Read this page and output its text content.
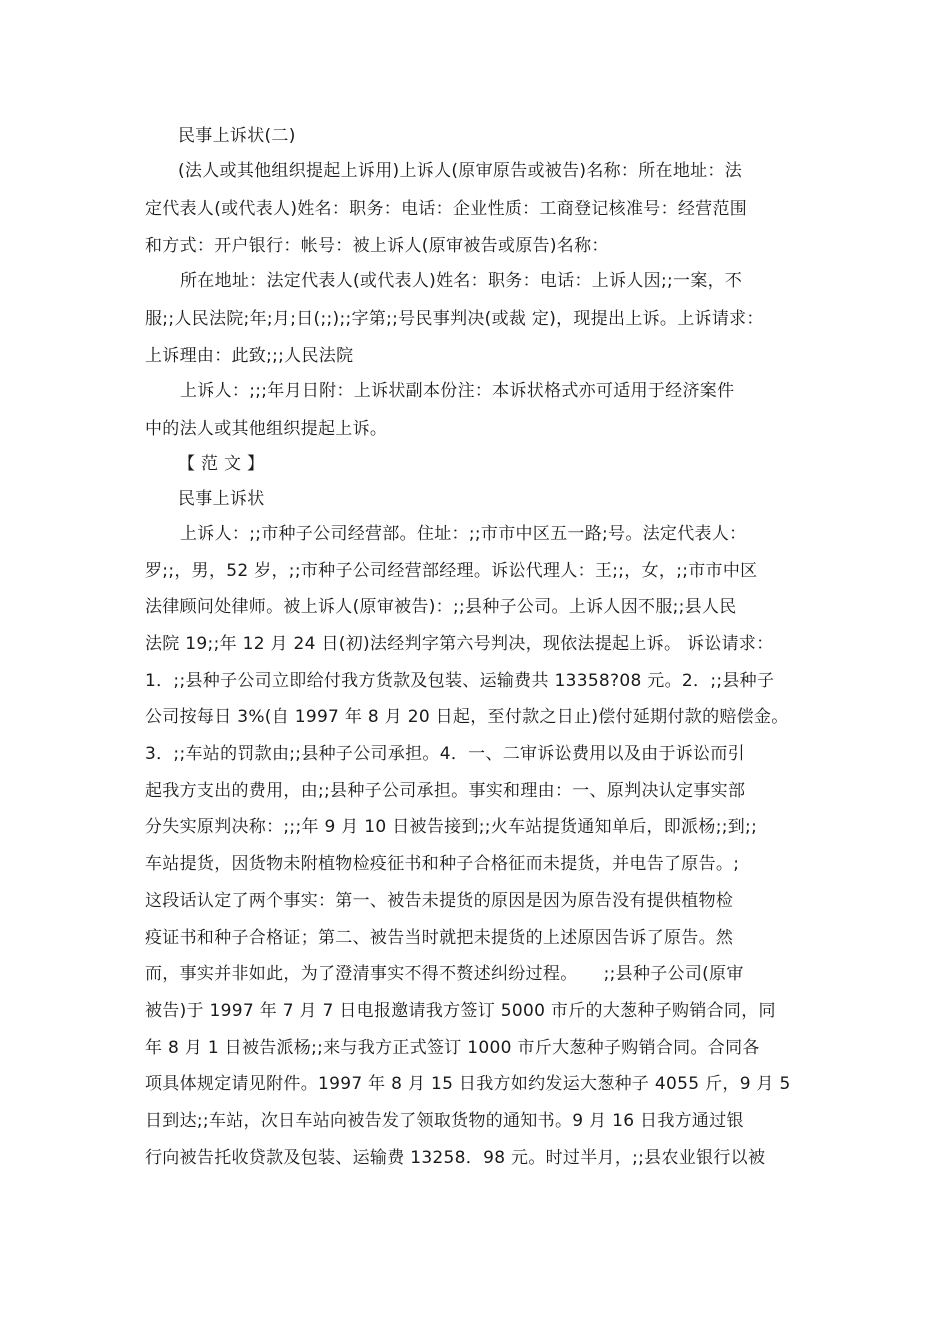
民事上诉状(二)
(法人或其他组织提起上诉用)上诉人(原审原告或被告)名称：所在地址：法
定代表人(或代表人)姓名：职务：电话：企业性质：工商登记核准号：经营范围
和方式：开户银行：帐号：被上诉人(原审被告或原告)名称：
所在地址：法定代表人(或代表人)姓名：职务：电话：上诉人因;;一案，不
服;;人民法院;年;月;日(;;);;字第;;号民事判决(或裁 定)，现提出上诉。上诉请求：
上诉理由：此致;;;人民法院
上诉人：;;;年月日附：上诉状副本份注：本诉状格式亦可适用于经济案件
中的法人或其他组织提起上诉。
【 范 文 】
民事上诉状
上诉人：;;市种子公司经营部。住址：;;市市中区五一路;号。法定代表人：
罗;;，男，52 岁，;;市种子公司经营部经理。诉讼代理人：王;;，女，;;市市中区
法律顾问处律师。被上诉人(原审被告)：;;县种子公司。上诉人因不服;;县人民
法院 19;;年 12 月 24 日(初)法经判字第六号判决，现依法提起上诉。 诉讼请求：
1．;;县种子公司立即给付我方货款及包装、运输费共 13358?08 元。2．;;县种子
公司按每日 3%(自 1997 年 8 月 20 日起，至付款之日止)偿付延期付款的赔偿金。
3．;;车站的罚款由;;县种子公司承担。4．一、二审诉讼费用以及由于诉讼而引
起我方支出的费用，由;;县种子公司承担。事实和理由：一、原判决认定事实部
分失实原判决称：;;;年 9 月 10 日被告接到;;火车站提货通知单后，即派杨;;到;;
车站提货，因货物未附植物检疫征书和种子合格征而未提货，并电告了原告。;
这段话认定了两个事实：第一、被告未提货的原因是因为原告没有提供植物检
疫证书和种子合格证；第二、被告当时就把未提货的上述原因告诉了原告。然
而，事实并非如此，为了澄清事实不得不赘述纠纷过程。　　;;县种子公司(原审
被告)于 1997 年 7 月 7 日电报邀请我方签订 5000 市斤的大葱种子购销合同，同
年 8 月 1 日被告派杨;;来与我方正式签订 1000 市斤大葱种子购销合同。合同各
项具体规定请见附件。1997 年 8 月 15 日我方如约发运大葱种子 4055 斤，9 月 5
日到达;;车站，次日车站向被告发了领取货物的通知书。9 月 16 日我方通过银
行向被告托收贷款及包装、运输费 13258．98 元。时过半月，;;县农业银行以被
